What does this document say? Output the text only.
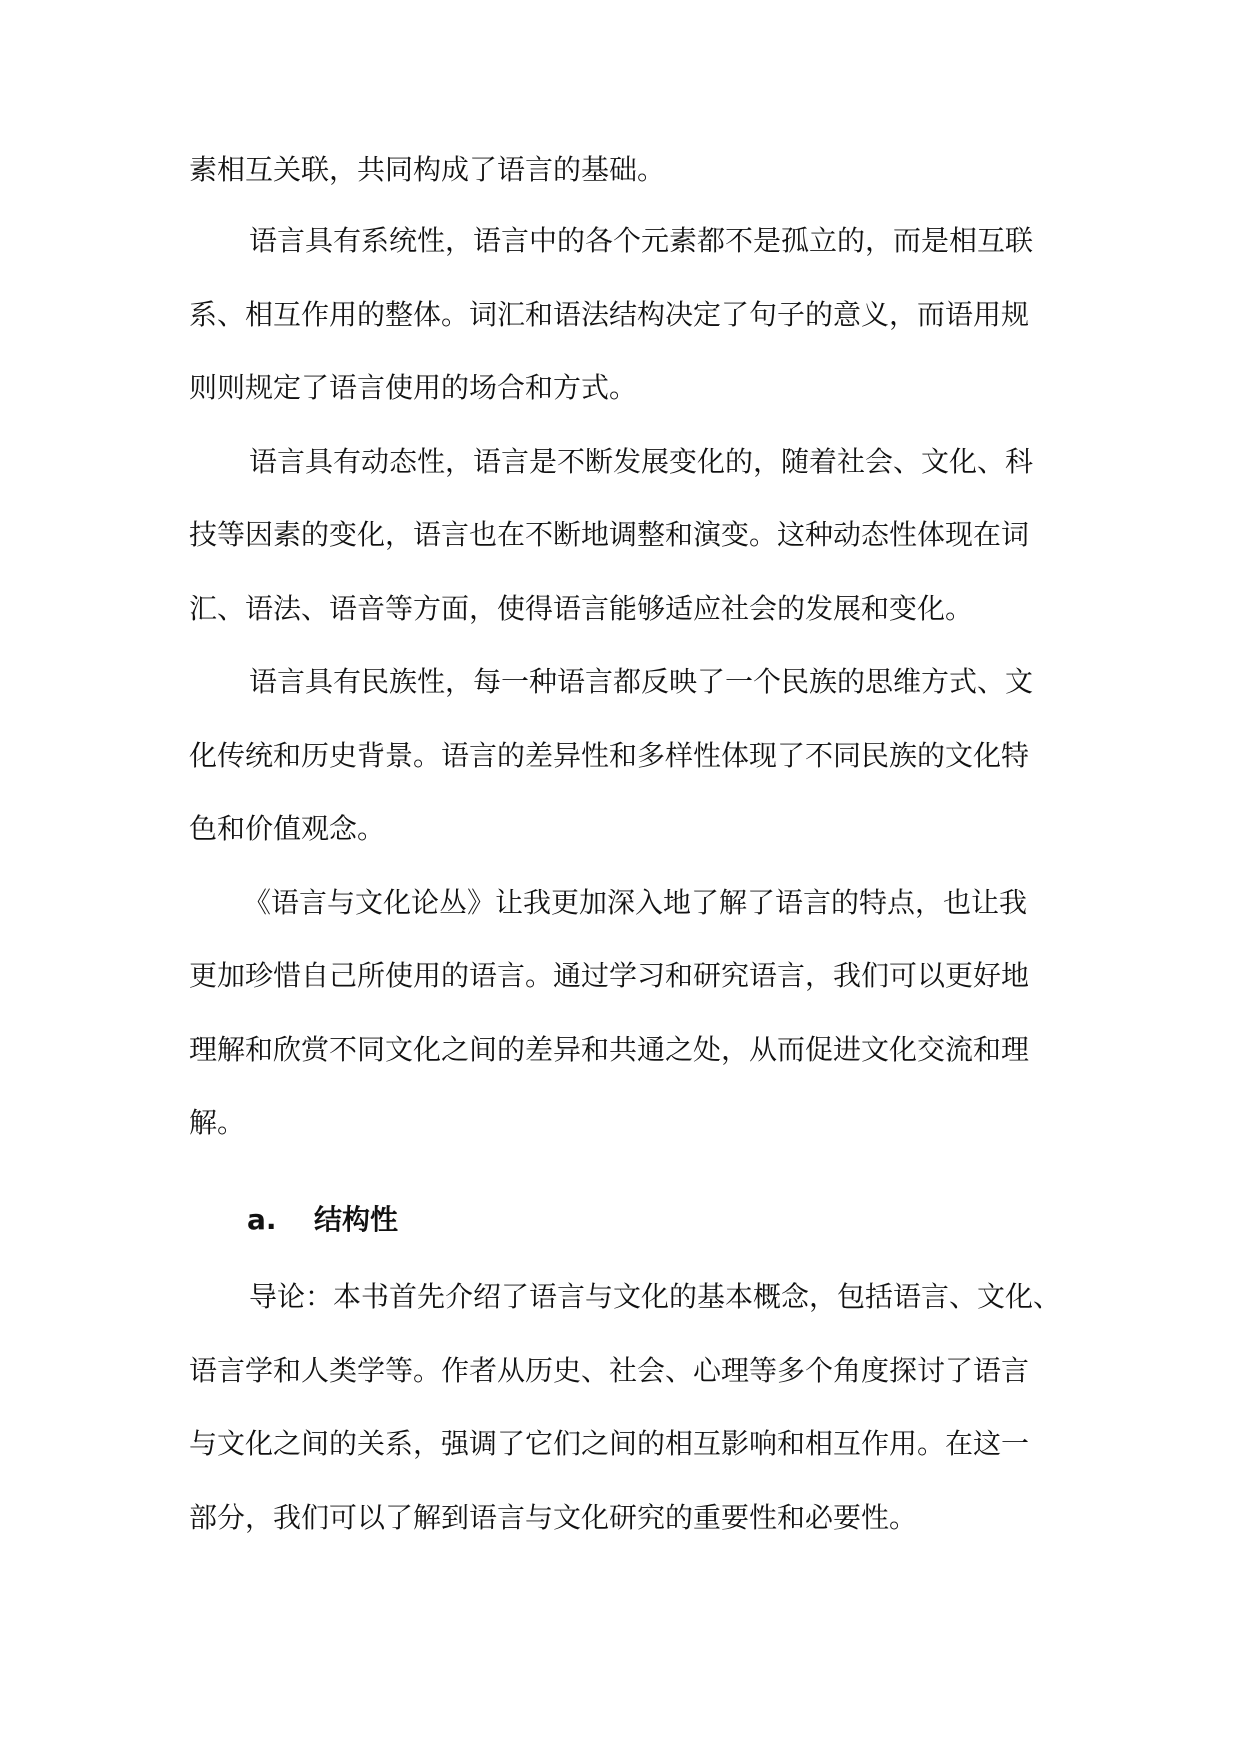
素相互关联，共同构成了语言的基础。
语言具有系统性，语言中的各个元素都不是孤立的，而是相互联
系、相互作用的整体。词汇和语法结构决定了句子的意义，而语用规
则则规定了语言使用的场合和方式。
语言具有动态性，语言是不断发展变化的，随着社会、文化、科
技等因素的变化，语言也在不断地调整和演变。这种动态性体现在词
汇、语法、语音等方面，使得语言能够适应社会的发展和变化。
语言具有民族性，每一种语言都反映了一个民族的思维方式、文
化传统和历史背景。语言的差异性和多样性体现了不同民族的文化特
色和价值观念。
《语言与文化论丛》让我更加深入地了解了语言的特点，也让我
更加珍惜自己所使用的语言。通过学习和研究语言，我们可以更好地
理解和欣赏不同文化之间的差异和共通之处，从而促进文化交流和理
解。
a. 结构性
导论：本书首先介绍了语言与文化的基本概念，包括语言、文化、
语言学和人类学等。作者从历史、社会、心理等多个角度探讨了语言
与文化之间的关系，强调了它们之间的相互影响和相互作用。在这一
部分，我们可以了解到语言与文化研究的重要性和必要性。
